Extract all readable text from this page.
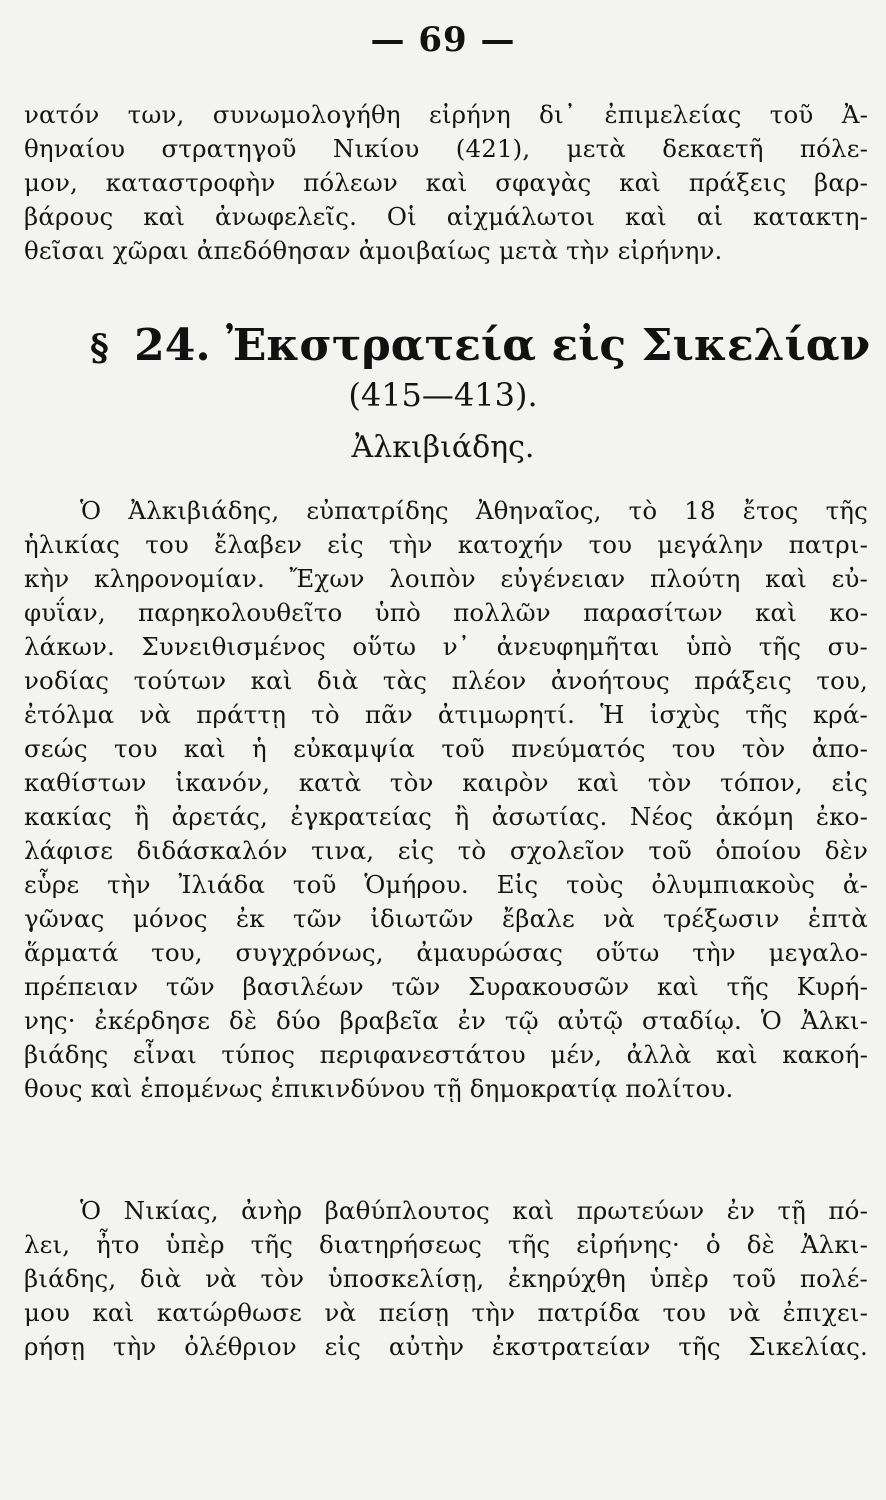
— 69 —
νατόν των, συνωμολογήθη εἰρήνη δι᾽ ἐπιμελείας τοῦ Ἀ-
θηναίου στρατηγοῦ Νικίου (421), μετὰ δεκαετῆ πόλε-
μον, καταστροφὴν πόλεων καὶ σφαγὰς καὶ πράξεις βαρ-
βάρους καὶ ἀνωφελεῖς. Οἱ αἰχμάλωτοι καὶ αἱ κατακτη-
θεῖσαι χῶραι ἀπεδόθησαν ἀμοιβαίως μετὰ τὴν εἰρήνην.
§ 24. Ἐκστρατεία εἰς Σικελίαν
(415—413).
Ἀλκιβιάδης.
Ὁ Ἀλκιβιάδης, εὐπατρίδης Ἀθηναῖος, τὸ 18 ἔτος τῆς
ἡλικίας του ἔλαβεν εἰς τὴν κατοχήν του μεγάλην πατρι-
κὴν κληρονομίαν. Ἔχων λοιπὸν εὐγένειαν πλούτη καὶ εὐ-
φυΐαν, παρηκολουθεῖτο ὑπὸ πολλῶν παρασίτων καὶ κο-
λάκων. Συνειθισμένος οὕτω ν᾽ ἀνευφημῆται ὑπὸ τῆς συ-
νοδίας τούτων καὶ διὰ τὰς πλέον ἀνοήτους πράξεις του,
ἐτόλμα νὰ πράττῃ τὸ πᾶν ἀτιμωρητί. Ἡ ἰσχὺς τῆς κρά-
σεώς του καὶ ἡ εὐκαμψία τοῦ πνεύματός του τὸν ἀπο-
καθίστων ἱκανόν, κατὰ τὸν καιρὸν καὶ τὸν τόπον, εἰς
κακίας ἢ ἀρετάς, ἐγκρατείας ἢ ἀσωτίας. Νέος ἀκόμη ἐκο-
λάφισε διδάσκαλόν τινα, εἰς τὸ σχολεῖον τοῦ ὁποίου δὲν
εὗρε τὴν Ἰλιάδα τοῦ Ὁμήρου. Εἰς τοὺς ὀλυμπιακοὺς ἀ-
γῶνας μόνος ἐκ τῶν ἰδιωτῶν ἔβαλε νὰ τρέξωσιν ἑπτὰ
ἅρματά του, συγχρόνως, ἀμαυρώσας οὕτω τὴν μεγαλο-
πρέπειαν τῶν βασιλέων τῶν Συρακουσῶν καὶ τῆς Κυρή-
νης· ἐκέρδησε δὲ δύο βραβεῖα ἐν τῷ αὐτῷ σταδίῳ. Ὁ Ἀλκι-
βιάδης εἶναι τύπος περιφανεστάτου μέν, ἀλλὰ καὶ κακοή-
θους καὶ ἑπομένως ἐπικινδύνου τῇ δημοκρατίᾳ πολίτου.
Ὁ Νικίας, ἀνὴρ βαθύπλουτος καὶ πρωτεύων ἐν τῇ πό-
λει, ἦτο ὑπὲρ τῆς διατηρήσεως τῆς εἰρήνης· ὁ δὲ Ἀλκι-
βιάδης, διὰ νὰ τὸν ὑποσκελίσῃ, ἐκηρύχθη ὑπὲρ τοῦ πολέ-
μου καὶ κατώρθωσε νὰ πείσῃ τὴν πατρίδα του νὰ ἐπιχει-
ρήσῃ τὴν ὀλέθριον εἰς αὐτὴν ἐκστρατείαν τῆς Σικελίας.
